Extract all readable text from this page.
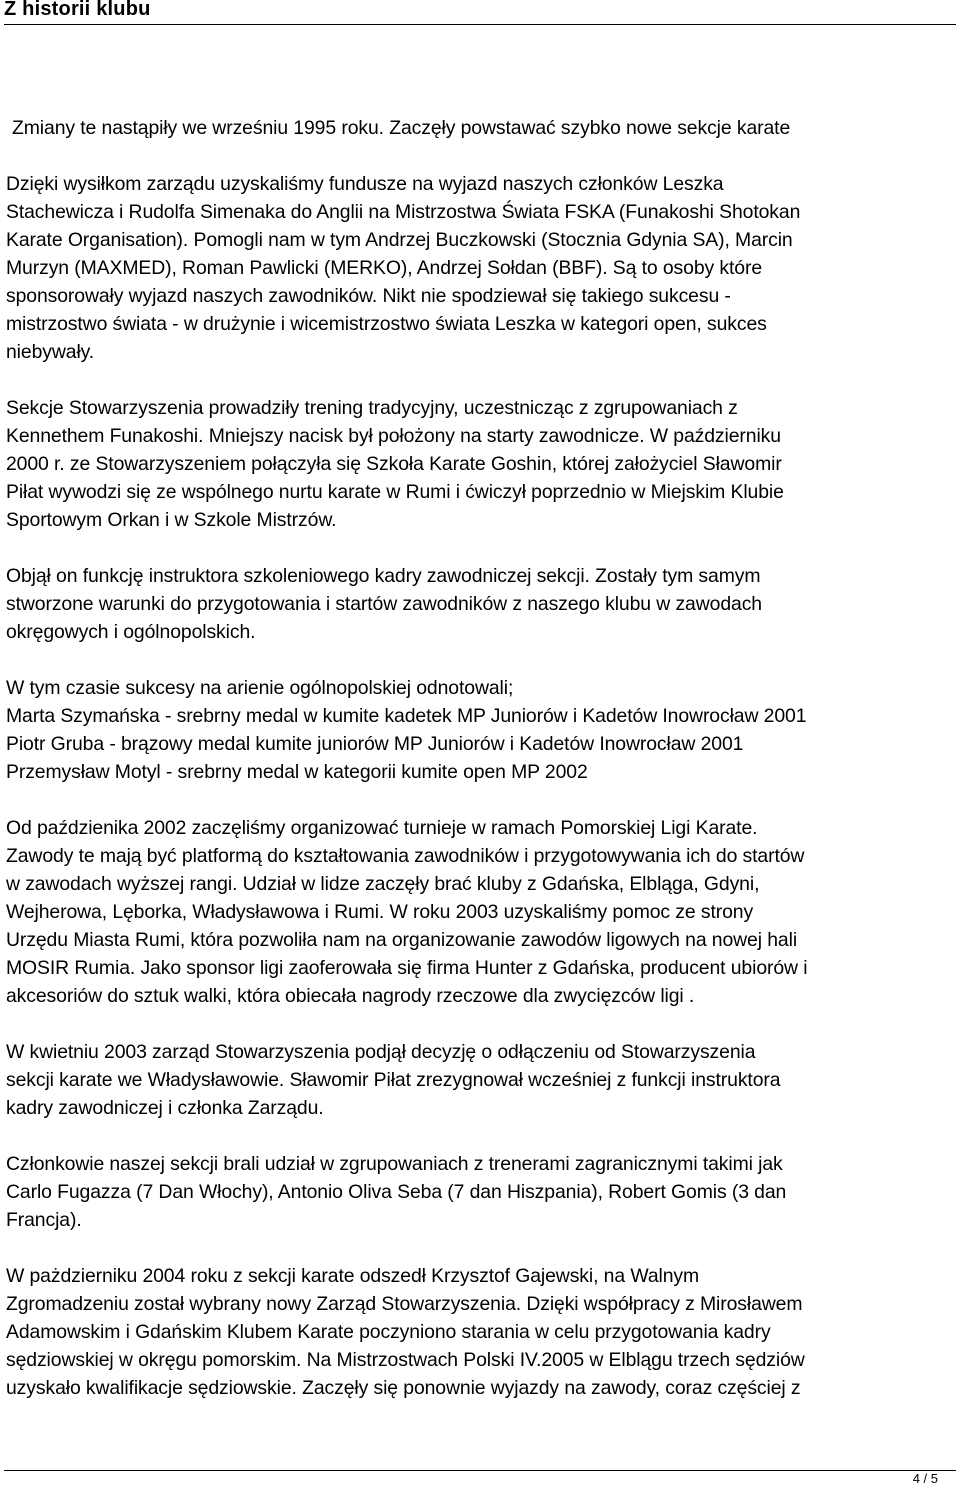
Z historii klubu

Zmiany te nastąpiły we wrześniu 1995 roku. Zaczęły powstawać szybko nowe sekcje karate

Dzięki wysiłkom zarządu uzyskaliśmy fundusze na wyjazd naszych członków Leszka
Stachewicza i Rudolfa Simenaka do Anglii na Mistrzostwa Świata FSKA (Funakoshi Shotokan
Karate Organisation). Pomogli nam w tym Andrzej Buczkowski (Stocznia Gdynia SA), Marcin
Murzyn (MAXMED), Roman Pawlicki (MERKO), Andrzej Sołdan (BBF). Są to osoby które
sponsorowały wyjazd naszych zawodników. Nikt nie spodziewał się takiego sukcesu -
mistrzostwo świata - w drużynie i wicemistrzostwo świata Leszka w kategori open, sukces
niebywały.

Sekcje Stowarzyszenia prowadziły trening tradycyjny, uczestnicząc z zgrupowaniach z
Kennethem Funakoshi. Mniejszy nacisk był położony na starty zawodnicze. W październiku
2000 r. ze Stowarzyszeniem połączyła się Szkoła Karate Goshin, której założyciel Sławomir
Piłat wywodzi się ze wspólnego nurtu karate w Rumi i ćwiczył poprzednio w Miejskim Klubie
Sportowym Orkan i w Szkole Mistrzów.

Objął on funkcję instruktora szkoleniowego kadry zawodniczej sekcji. Zostały tym samym
stworzone warunki do przygotowania i startów zawodników z naszego klubu w zawodach
okręgowych i ogólnopolskich.

W tym czasie sukcesy na arienie ogólnopolskiej odnotowali;
Marta Szymańska - srebrny medal w kumite kadetek MP Juniorów i Kadetów Inowrocław 2001
Piotr Gruba - brązowy medal kumite juniorów MP Juniorów i Kadetów Inowrocław 2001
Przemysław Motyl - srebrny medal w kategorii kumite open MP 2002

Od paździenika 2002 zaczęliśmy organizować turnieje w ramach Pomorskiej Ligi Karate.
Zawody te mają być platformą do kształtowania zawodników i przygotowywania ich do startów
w zawodach wyższej rangi. Udział w lidze zaczęły brać kluby z Gdańska, Elbląga, Gdyni,
Wejherowa, Lęborka, Władysławowa i Rumi. W roku 2003 uzyskaliśmy pomoc ze strony
Urzędu Miasta Rumi, która pozwoliła nam na organizowanie zawodów ligowych na nowej hali
MOSIR Rumia. Jako sponsor ligi zaoferowała się firma Hunter z Gdańska, producent ubiorów i
akcesoriów do sztuk walki, która obiecała nagrody rzeczowe dla zwycięzców ligi .

W kwietniu 2003 zarząd Stowarzyszenia podjął decyzję o odłączeniu od Stowarzyszenia
sekcji karate we Władysławowie. Sławomir Piłat zrezygnował wcześniej z funkcji instruktora
kadry zawodniczej i członka Zarządu.

Członkowie naszej sekcji brali udział w zgrupowaniach z trenerami zagranicznymi takimi jak
Carlo Fugazza (7 Dan Włochy), Antonio Oliva Seba (7 dan Hiszpania), Robert Gomis (3 dan
Francja).

W pażdzierniku 2004 roku z sekcji karate odszedł Krzysztof Gajewski, na Walnym
Zgromadzeniu został wybrany nowy Zarząd Stowarzyszenia. Dzięki współpracy z Mirosławem
Adamowskim i Gdańskim Klubem Karate poczyniono starania w celu przygotowania kadry
sędziowskiej w okręgu pomorskim. Na Mistrzostwach Polski IV.2005 w Elblągu trzech sędziów
uzyskało kwalifikacje sędziowskie. Zaczęły się ponownie wyjazdy na zawody, coraz częściej z

4 / 5
